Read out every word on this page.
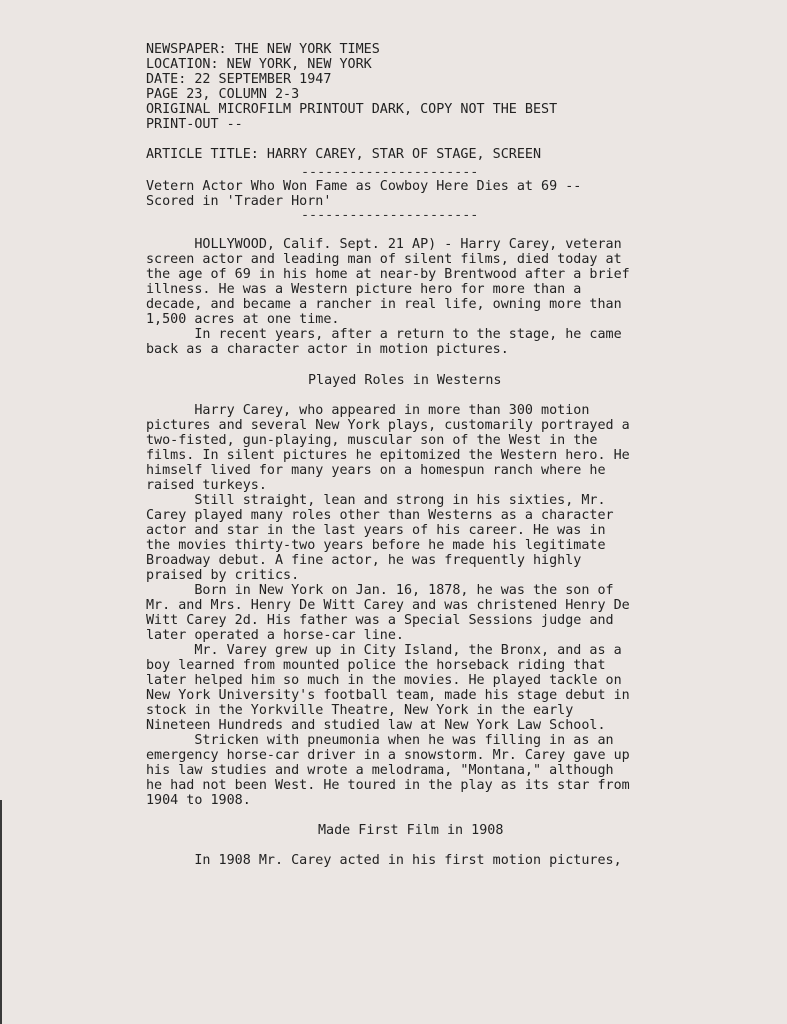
NEWSPAPER: THE NEW YORK TIMES
LOCATION: NEW YORK, NEW YORK
DATE: 22 SEPTEMBER 1947
PAGE 23, COLUMN 2-3
ORIGINAL MICROFILM PRINTOUT DARK, COPY NOT THE BEST
PRINT-OUT --
ARTICLE TITLE: HARRY CAREY, STAR OF STAGE, SCREEN
----------------------
Vetern Actor Who Won Fame as Cowboy Here Dies at 69 --
Scored in 'Trader Horn'
----------------------
HOLLYWOOD, Calif. Sept. 21 AP) - Harry Carey, veteran
screen actor and leading man of silent films, died today at
the age of 69 in his home at near-by Brentwood after a brief
illness. He was a Western picture hero for more than a
decade, and became a rancher in real life, owning more than
1,500 acres at one time.
In recent years, after a return to the stage, he came
back as a character actor in motion pictures.
Played Roles in Westerns
Harry Carey, who appeared in more than 300 motion
pictures and several New York plays, customarily portrayed a
two-fisted, gun-playing, muscular son of the West in the
films. In silent pictures he epitomized the Western hero. He
himself lived for many years on a homespun ranch where he
raised turkeys.
Still straight, lean and strong in his sixties, Mr.
Carey played many roles other than Westerns as a character
actor and star in the last years of his career. He was in
the movies thirty-two years before he made his legitimate
Broadway debut. A fine actor, he was frequently highly
praised by critics.
Born in New York on Jan. 16, 1878, he was the son of
Mr. and Mrs. Henry De Witt Carey and was christened Henry De
Witt Carey 2d. His father was a Special Sessions judge and
later operated a horse-car line.
Mr. Varey grew up in City Island, the Bronx, and as a
boy learned from mounted police the horseback riding that
later helped him so much in the movies. He played tackle on
New York University's football team, made his stage debut in
stock in the Yorkville Theatre, New York in the early
Nineteen Hundreds and studied law at New York Law School.
Stricken with pneumonia when he was filling in as an
emergency horse-car driver in a snowstorm. Mr. Carey gave up
his law studies and wrote a melodrama, "Montana," although
he had not been West. He toured in the play as its star from
1904 to 1908.
Made First Film in 1908
In 1908 Mr. Carey acted in his first motion pictures,
